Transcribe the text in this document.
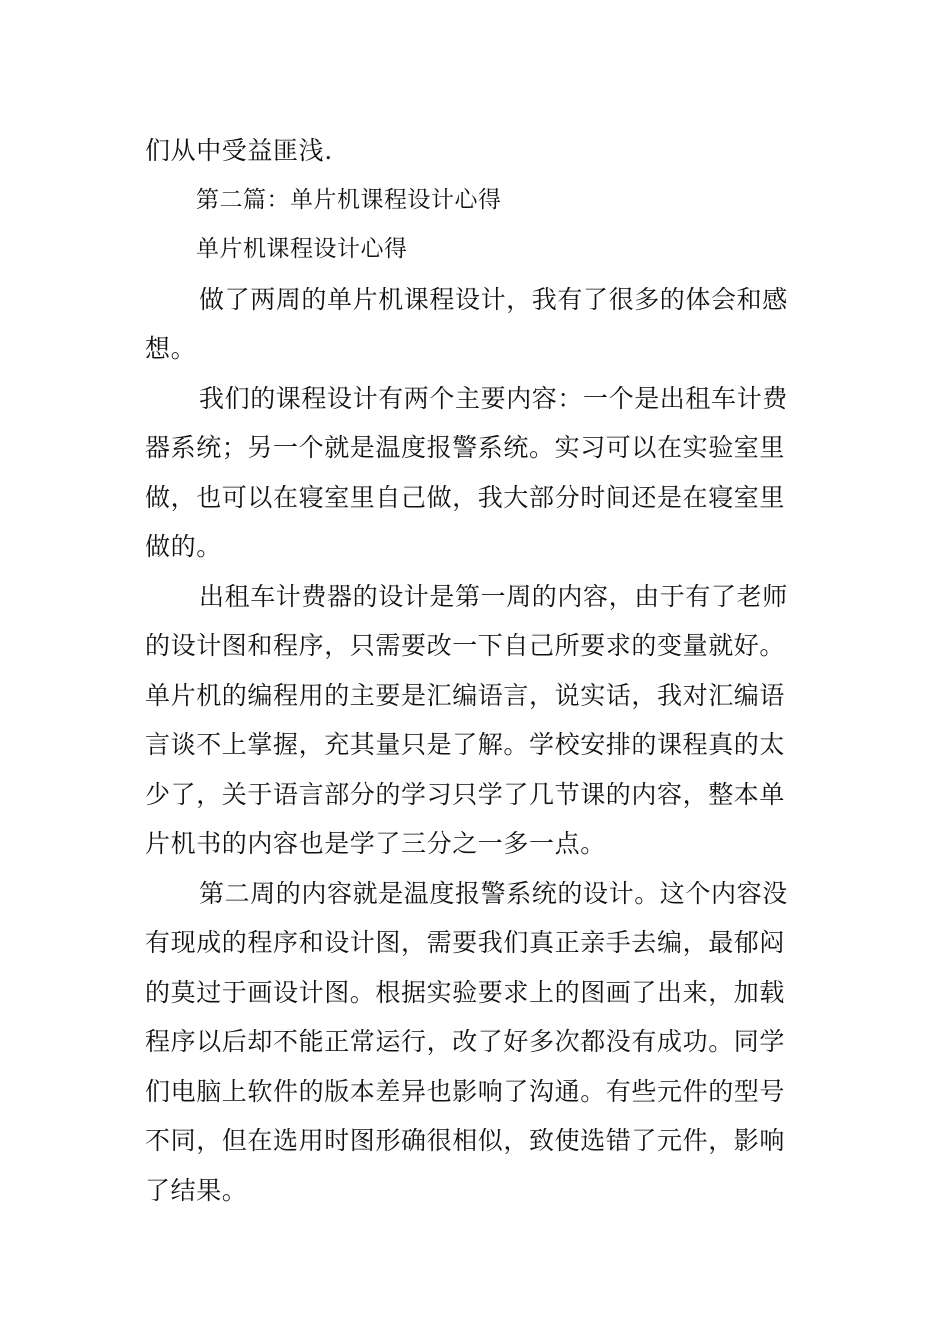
们从中受益匪浅.
第二篇：单片机课程设计心得
单片机课程设计心得
做了两周的单片机课程设计，我有了很多的体会和感
想。
我们的课程设计有两个主要内容：一个是出租车计费
器系统；另一个就是温度报警系统。实习可以在实验室里
做，也可以在寝室里自己做，我大部分时间还是在寝室里
做的。
出租车计费器的设计是第一周的内容，由于有了老师
的设计图和程序，只需要改一下自己所要求的变量就好。
单片机的编程用的主要是汇编语言，说实话，我对汇编语
言谈不上掌握，充其量只是了解。学校安排的课程真的太
少了，关于语言部分的学习只学了几节课的内容，整本单
片机书的内容也是学了三分之一多一点。
第二周的内容就是温度报警系统的设计。这个内容没
有现成的程序和设计图，需要我们真正亲手去编，最郁闷
的莫过于画设计图。根据实验要求上的图画了出来，加载
程序以后却不能正常运行，改了好多次都没有成功。同学
们电脑上软件的版本差异也影响了沟通。有些元件的型号
不同，但在选用时图形确很相似，致使选错了元件，影响
了结果。
